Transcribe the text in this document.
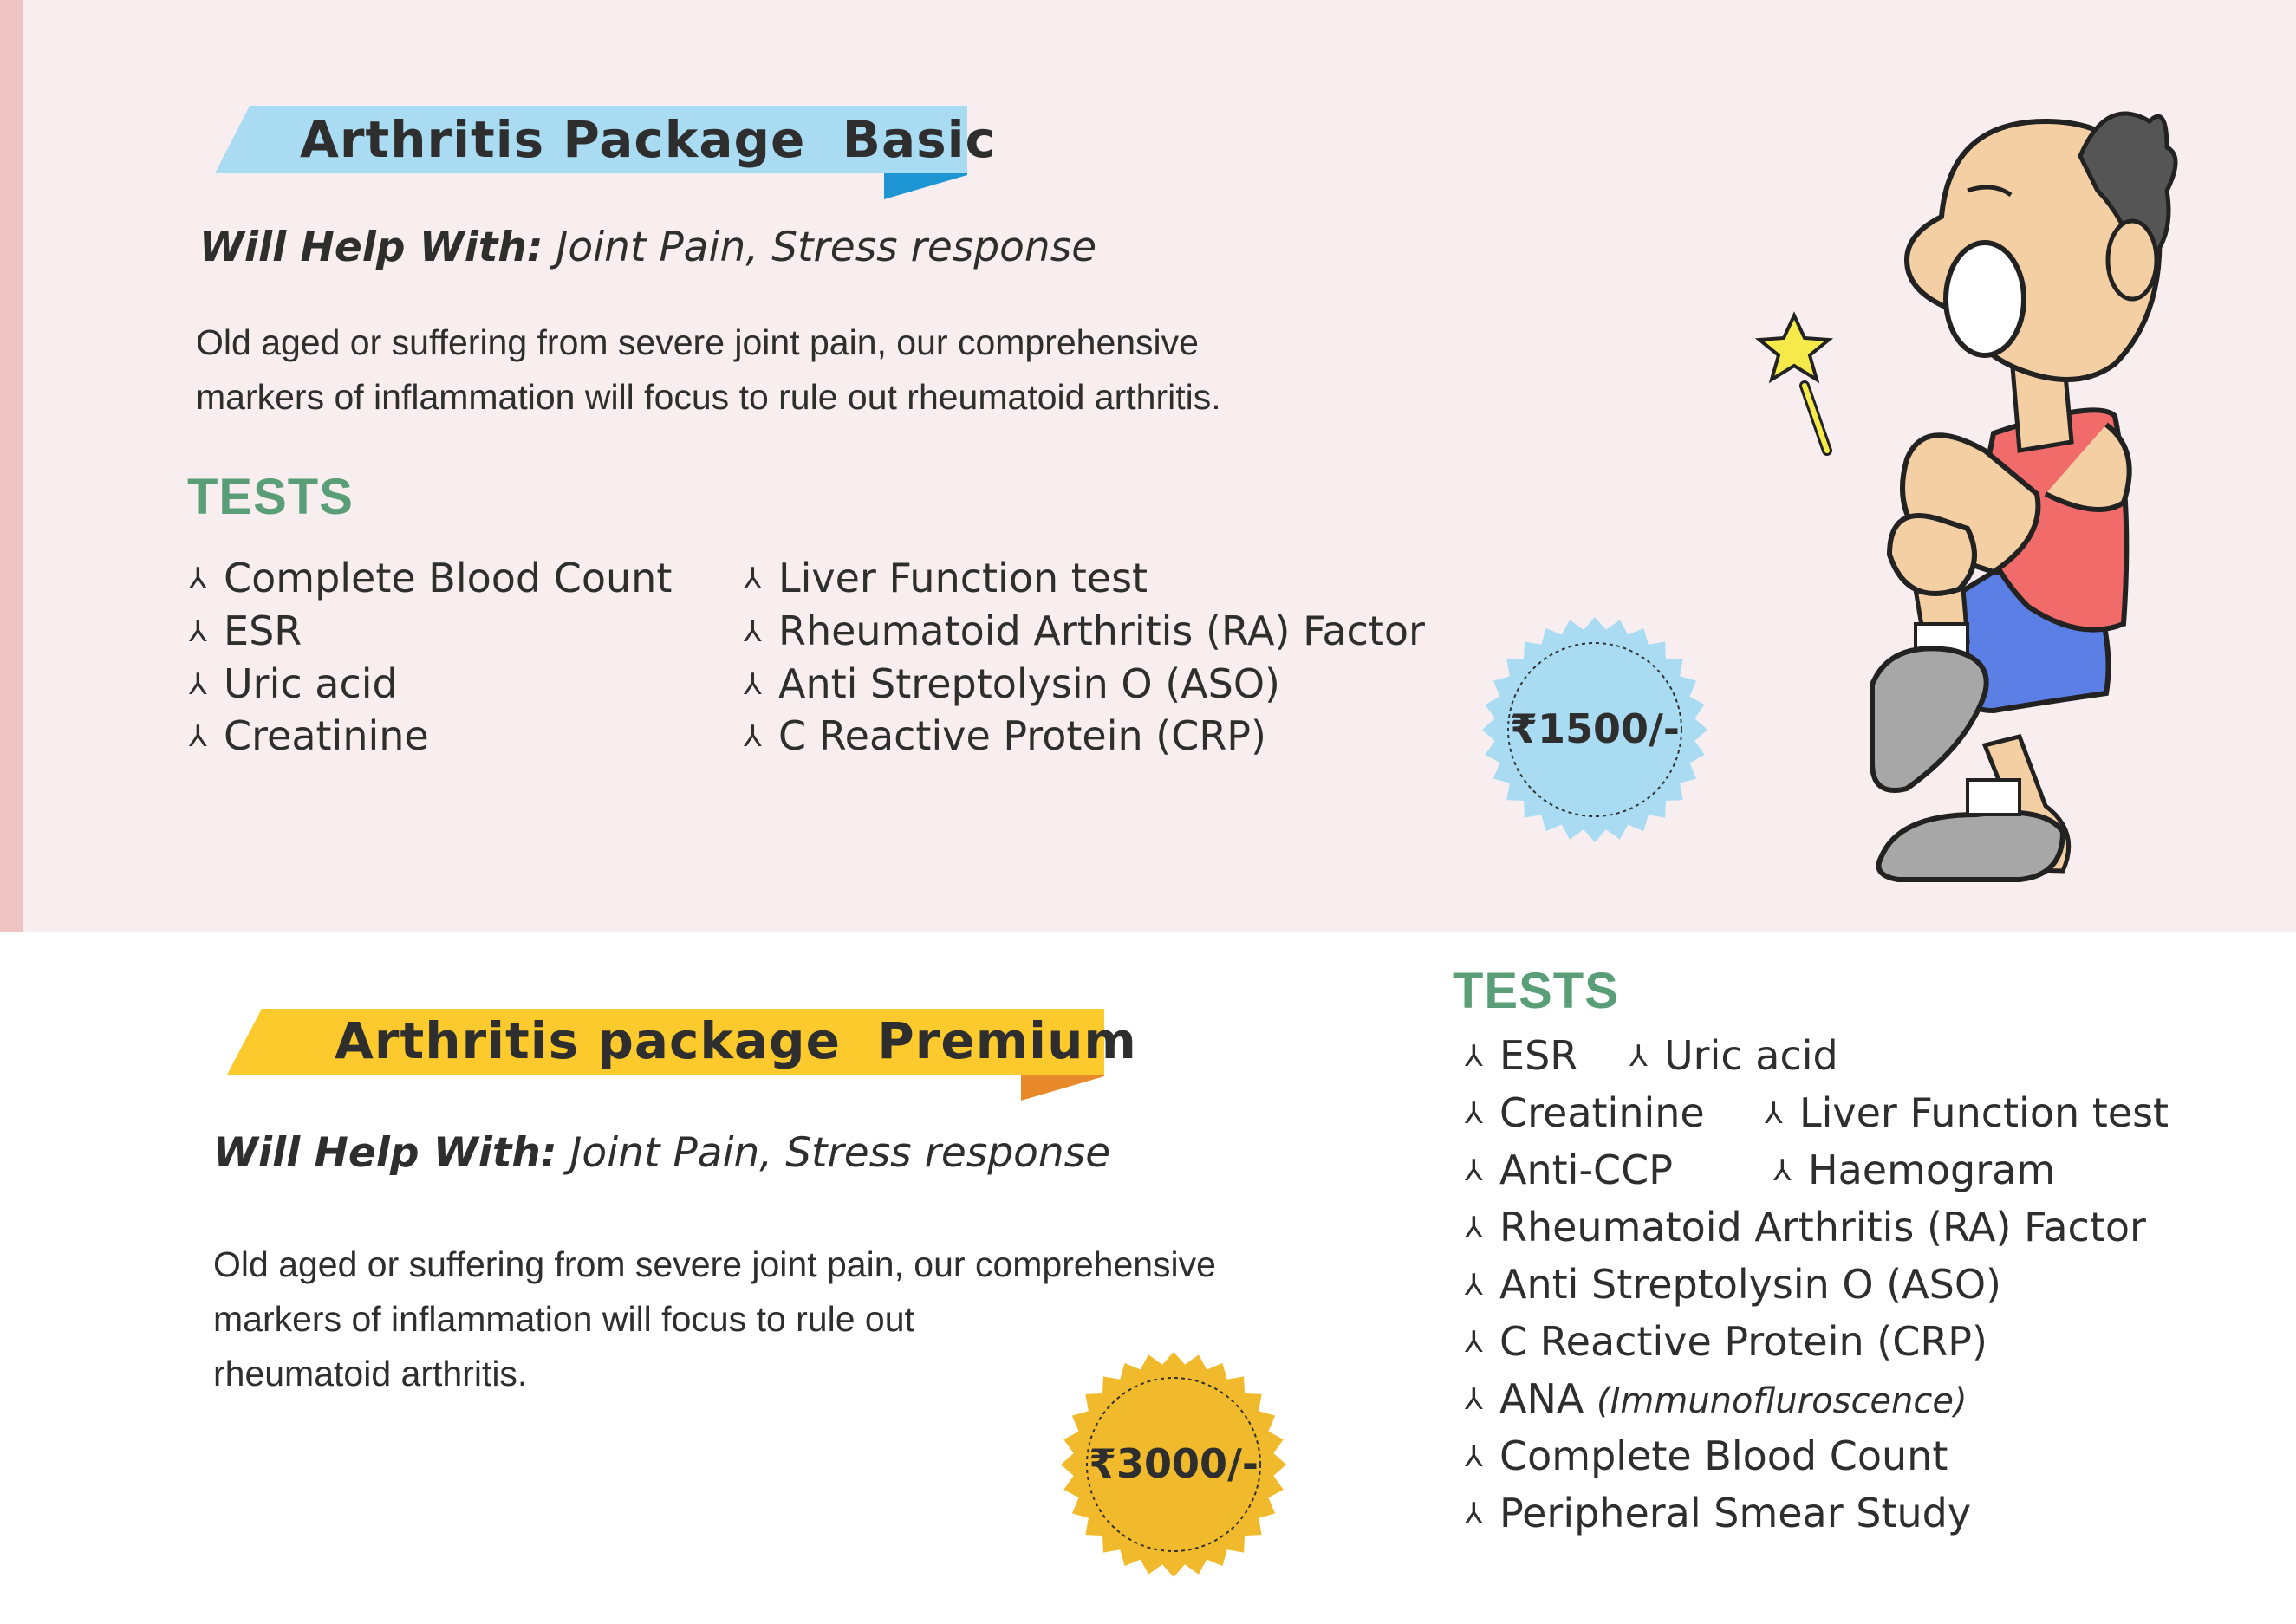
Arthritis Package  Basic
Will Help With: Joint Pain, Stress response
Old aged or suffering from severe joint pain, our comprehensive markers of inflammation will focus to rule out rheumatoid arthritis.
TESTS
⅄ Complete Blood Count
⅄ ESR
⅄ Uric acid
⅄ Creatinine
⅄ Liver Function test
⅄ Rheumatoid Arthritis (RA) Factor
⅄ Anti Streptolysin O (ASO)
⅄ C Reactive Protein (CRP)	₹1500/-
Arthritis package  Premium
Will Help With: Joint Pain, Stress response
Old aged or suffering from severe joint pain, our comprehensive
markers of inflammation will focus to rule out
rheumatoid arthritis.
₹3000/-
TESTS
⅄ ESR ⅄ Uric acid
⅄ Creatinine ⅄ Liver Function test
⅄ Anti-CCP	⅄ Haemogram
⅄ Rheumatoid Arthritis (RA) Factor
⅄ Anti Streptolysin O (ASO)
⅄ C Reactive Protein (CRP)
⅄ ANA (Immunofluroscence)
⅄ Complete Blood Count
⅄ Peripheral Smear Study
